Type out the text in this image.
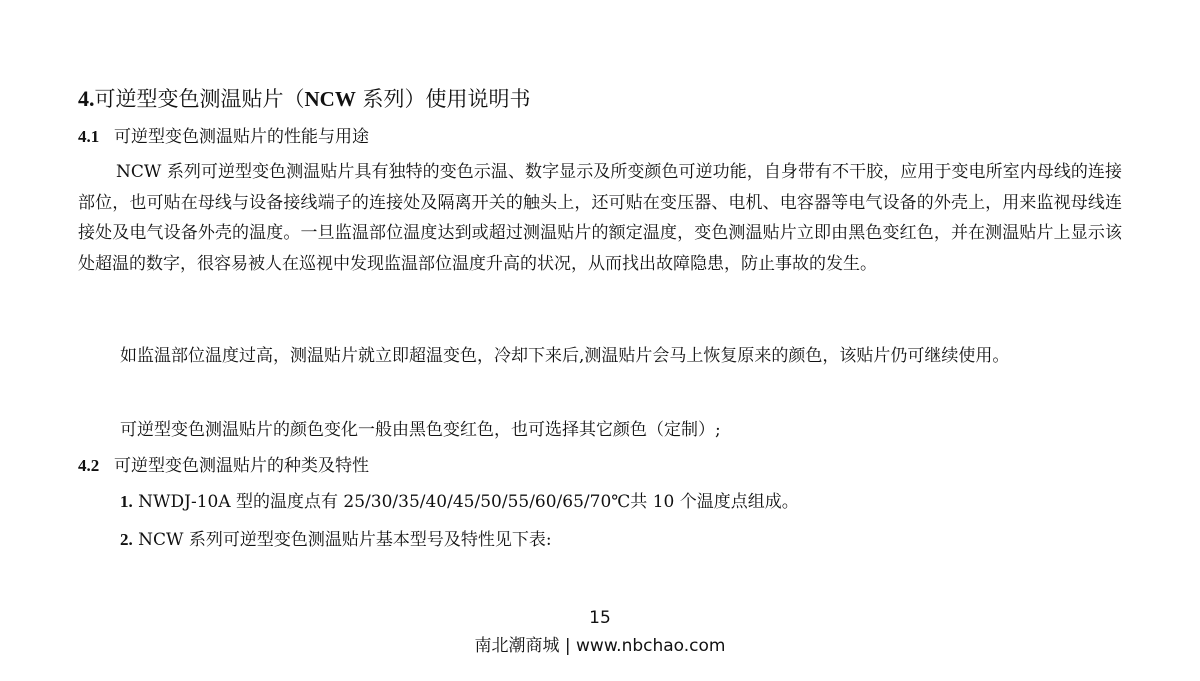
4.可逆型变色测温贴片（NCW 系列）使用说明书
4.1 可逆型变色测温贴片的性能与用途
NCW 系列可逆型变色测温贴片具有独特的变色示温、数字显示及所变颜色可逆功能，自身带有不干胶，应用于变电所室内母线的连接部位，也可贴在母线与设备接线端子的连接处及隔离开关的触头上，还可贴在变压器、电机、电容器等电气设备的外壳上，用来监视母线连接处及电气设备外壳的温度。一旦监温部位温度达到或超过测温贴片的额定温度，变色测温贴片立即由黑色变红色，并在测温贴片上显示该处超温的数字，很容易被人在巡视中发现监温部位温度升高的状况，从而找出故障隐患，防止事故的发生。
如监温部位温度过高，测温贴片就立即超温变色，冷却下来后,测温贴片会马上恢复原来的颜色，该贴片仍可继续使用。
可逆型变色测温贴片的颜色变化一般由黑色变红色，也可选择其它颜色（定制）;
4.2 可逆型变色测温贴片的种类及特性
1. NWDJ-10A 型的温度点有 25/30/35/40/45/50/55/60/65/70℃共 10 个温度点组成。
2. NCW 系列可逆型变色测温贴片基本型号及特性见下表:
15
南北潮商城 | www.nbchao.com
